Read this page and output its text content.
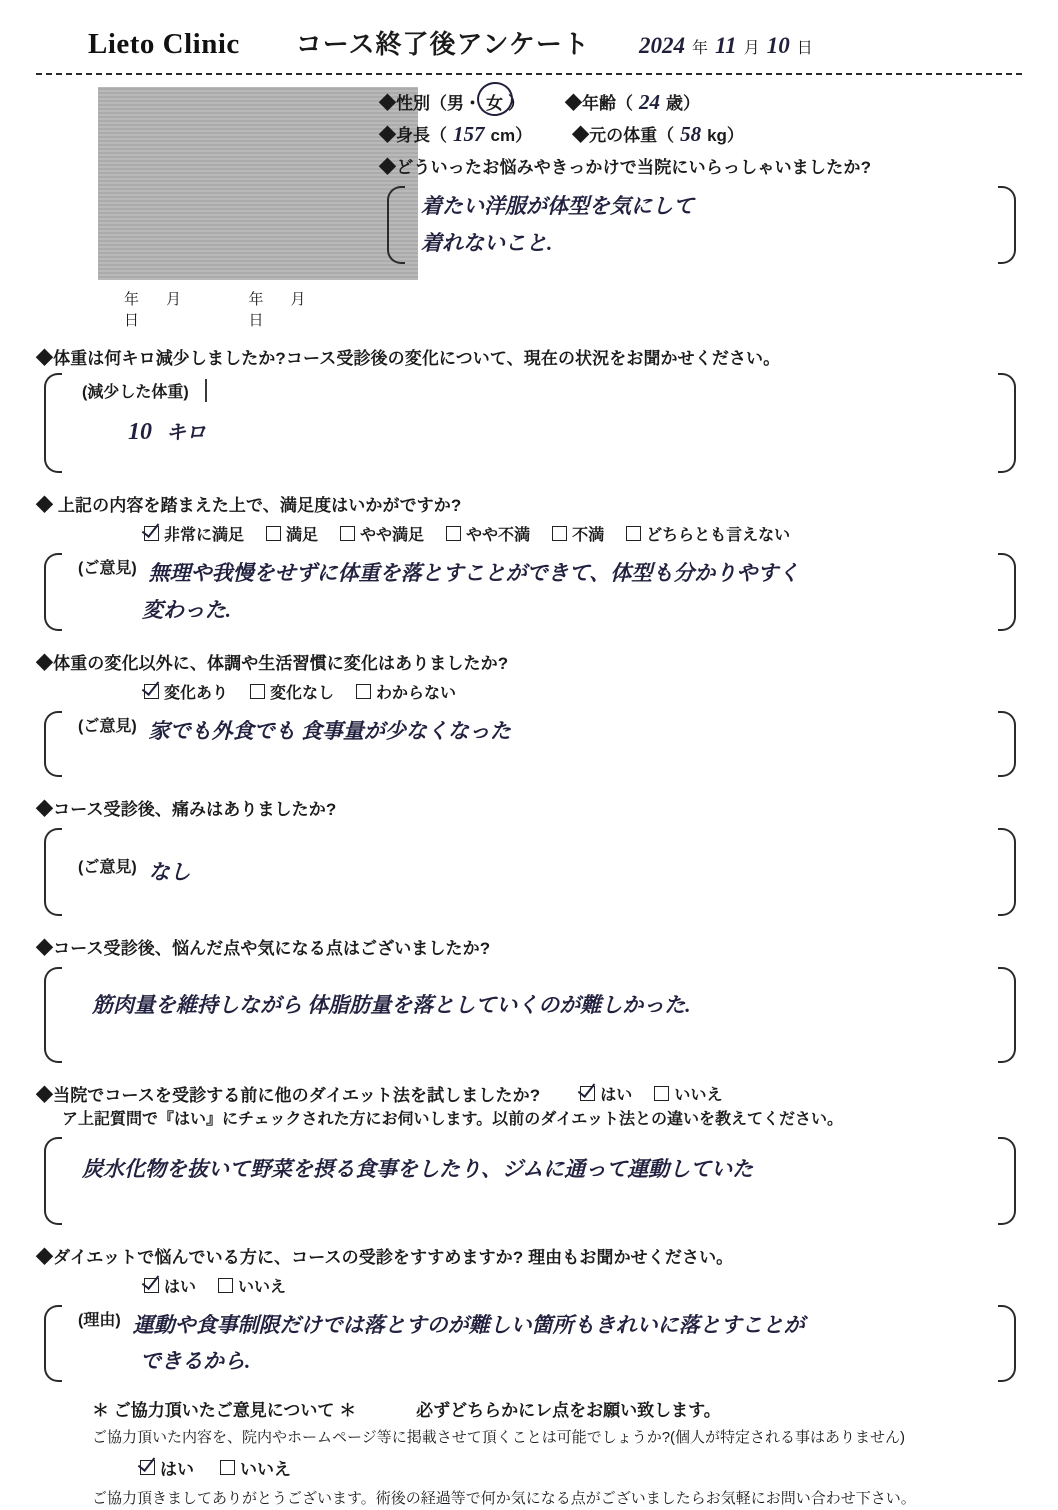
Lieto Clinic コース終了後アンケート 2024 年 11 月 10 日
年　月　日
年　月　日
◆性別 （ 男 ・ 女 ） ◆年齢 （ 24 歳 ）
◆身長 （ 157 cm ） ◆元の体重 （ 58 kg ）
◆どういったお悩みやきっかけで当院にいらっしゃいましたか?
着たい洋服が体型を気にして
着れないこと.
◆体重は何キロ減少しましたか?コース受診後の変化について、現在の状況をお聞かせください。
(減少した体重)
10 キロ
◆ 上記の内容を踏まえた上で、満足度はいかがですか?
非常に満足	満足	やや満足	やや不満	不満	どちらとも言えない
(ご意見) 無理や我慢をせずに体重を落とすことができて、体型も分かりやすく
変わった.
◆体重の変化以外に、体調や生活習慣に変化はありましたか?
変化あり	変化なし	わからない
(ご意見) 家でも外食でも 食事量が少なくなった
◆コース受診後、痛みはありましたか?
(ご意見) なし
◆コース受診後、悩んだ点や気になる点はございましたか?
筋肉量を維持しながら 体脂肪量を落としていくのが難しかった.
◆当院でコースを受診する前に他のダイエット法を試しましたか?	はい	いいえ
ア上記質問で『はい』にチェックされた方にお伺いします。以前のダイエット法との違いを教えてください。
炭水化物を抜いて野菜を摂る食事をしたり、ジムに通って運動していた
◆ダイエットで悩んでいる方に、コースの受診をすすめますか? 理由もお聞かせください。
はい	いいえ
(理由) 運動や食事制限だけでは落とすのが難しい箇所もきれいに落とすことが
できるから.
＊ ご協力頂いたご意見について ＊	必ずどちらかにレ点をお願い致します。
ご協力頂いた内容を、院内やホームページ等に掲載させて頂くことは可能でしょうか?(個人が特定される事はありません)
はい	いいえ
ご協力頂きましてありがとうございます。術後の経過等で何か気になる点がございましたらお気軽にお問い合わせ下さい。
